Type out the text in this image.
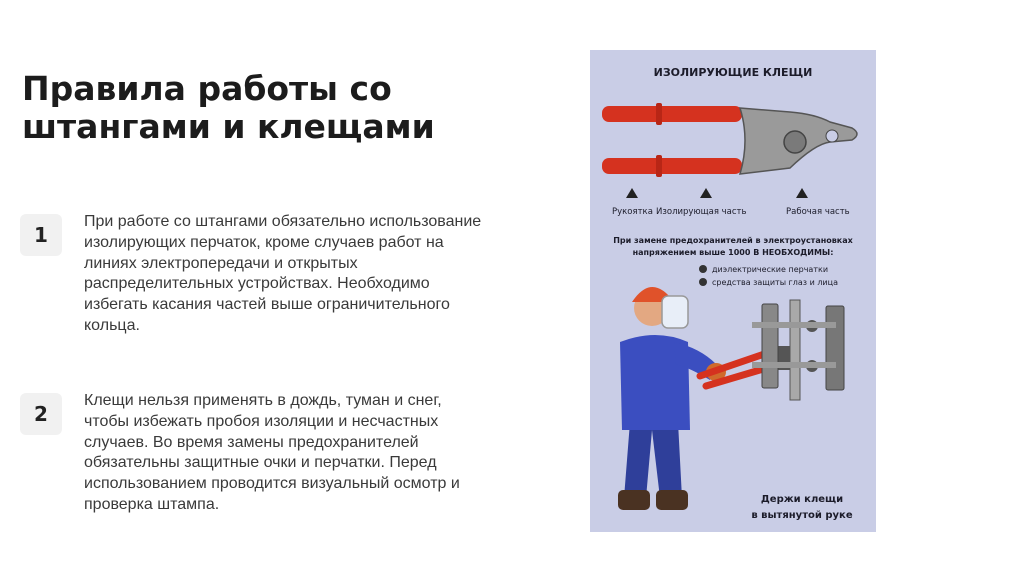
Правила работы со штангами и клещами
1
При работе со штангами обязательно использование изолирующих перчаток, кроме случаев работ на линиях электропередачи и открытых распределительных устройствах. Необходимо избегать касания частей выше ограничительного кольца.
2
Клещи нельзя применять в дождь, туман и снег, чтобы избежать пробоя изоляции и несчастных случаев. Во время замены предохранителей обязательны защитные очки и перчатки. Перед использованием проводится визуальный осмотр и проверка штампа.
ИЗОЛИРУЮЩИЕ КЛЕЩИ
Рукоятка Изолирующая часть	Рабочая часть
При замене предохранителей в электроустановках
напряжением выше 1000 В НЕОБХОДИМЫ:
диэлектрические перчатки
средства защиты глаз и лица
Держи клещи
в вытянутой руке
